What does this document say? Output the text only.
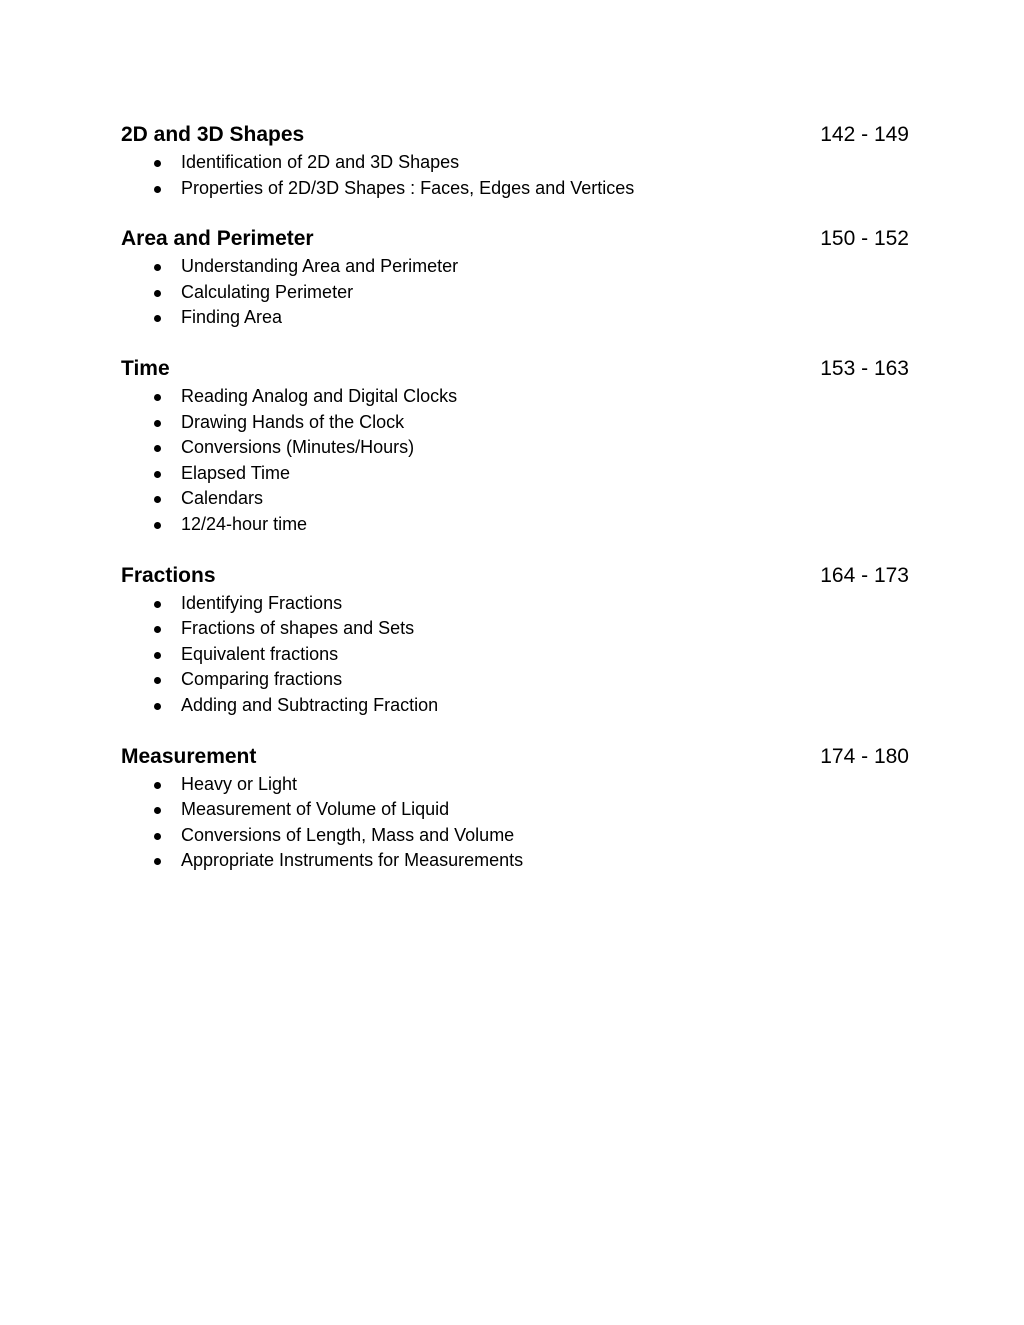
2D and 3D Shapes	142 - 149
Identification of 2D and 3D Shapes
Properties of 2D/3D Shapes : Faces, Edges and Vertices
Area and Perimeter	150 - 152
Understanding Area and Perimeter
Calculating Perimeter
Finding Area
Time	153 - 163
Reading Analog and Digital Clocks
Drawing Hands of the Clock
Conversions (Minutes/Hours)
Elapsed Time
Calendars
12/24-hour time
Fractions	164 - 173
Identifying Fractions
Fractions of shapes and Sets
Equivalent fractions
Comparing fractions
Adding and Subtracting Fraction
Measurement	174 - 180
Heavy or Light
Measurement of Volume of Liquid
Conversions of Length, Mass and Volume
Appropriate Instruments for Measurements
